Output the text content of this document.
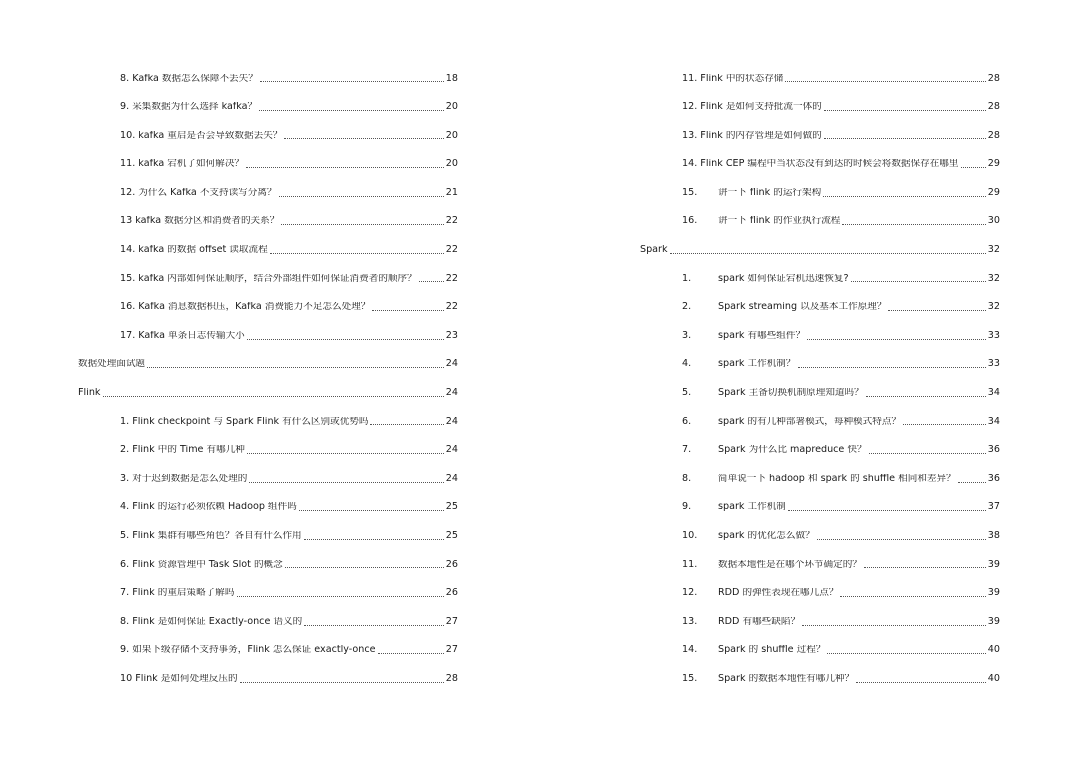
8. Kafka 数据怎么保障不丢失？	18
9. 采集数据为什么选择 kafka？	20
10. kafka 重启是否会导致数据丢失？	20
11. kafka 宕机了如何解决？	20
12. 为什么 Kafka 不支持读写分离？	21
13 kafka 数据分区和消费者的关系？	22
14. kafka 的数据 offset 读取流程	22
15. kafka 内部如何保证顺序，结合外部组件如何保证消费者的顺序？	22
16. Kafka 消息数据积压，Kafka 消费能力不足怎么处理？	22
17. Kafka 单条日志传输大小	23
数据处理面试题	24
Flink	24
1. Flink checkpoint 与 Spark Flink 有什么区别或优势吗	24
2. Flink 中的 Time 有哪几种	24
3. 对于迟到数据是怎么处理的	24
4. Flink 的运行必须依赖 Hadoop 组件吗	25
5. Flink 集群有哪些角色？各自有什么作用	25
6. Flink 资源管理中 Task Slot 的概念	26
7. Flink 的重启策略了解吗	26
8. Flink 是如何保证 Exactly-once 语义的	27
9. 如果下级存储不支持事务，Flink 怎么保证 exactly-once	27
10 Flink 是如何处理反压的	28
11. Flink 中的状态存储	28
12. Flink 是如何支持批流一体的	28
13. Flink 的内存管理是如何做的	28
14. Flink CEP 编程中当状态没有到达的时候会将数据保存在哪里	29
15.	讲一下 flink 的运行架构	29
16.	讲一下 flink 的作业执行流程	30
Spark	32
1.	spark 如何保证宕机迅速恢复?	32
2.	Spark streaming 以及基本工作原理？	32
3.	spark 有哪些组件？	33
4.	spark 工作机制？	33
5.	Spark 主备切换机制原理知道吗？	34
6.	spark 的有几种部署模式，每种模式特点？	34
7.	Spark 为什么比 mapreduce 快？	36
8.	简单说一下 hadoop 和 spark 的 shuffle 相同和差异？	36
9.	spark 工作机制	37
10.	spark 的优化怎么做？	38
11.	数据本地性是在哪个环节确定的？	39
12.	RDD 的弹性表现在哪几点？	39
13.	RDD 有哪些缺陷？	39
14.	Spark 的 shuffle 过程？	40
15.	Spark 的数据本地性有哪几种？	40
